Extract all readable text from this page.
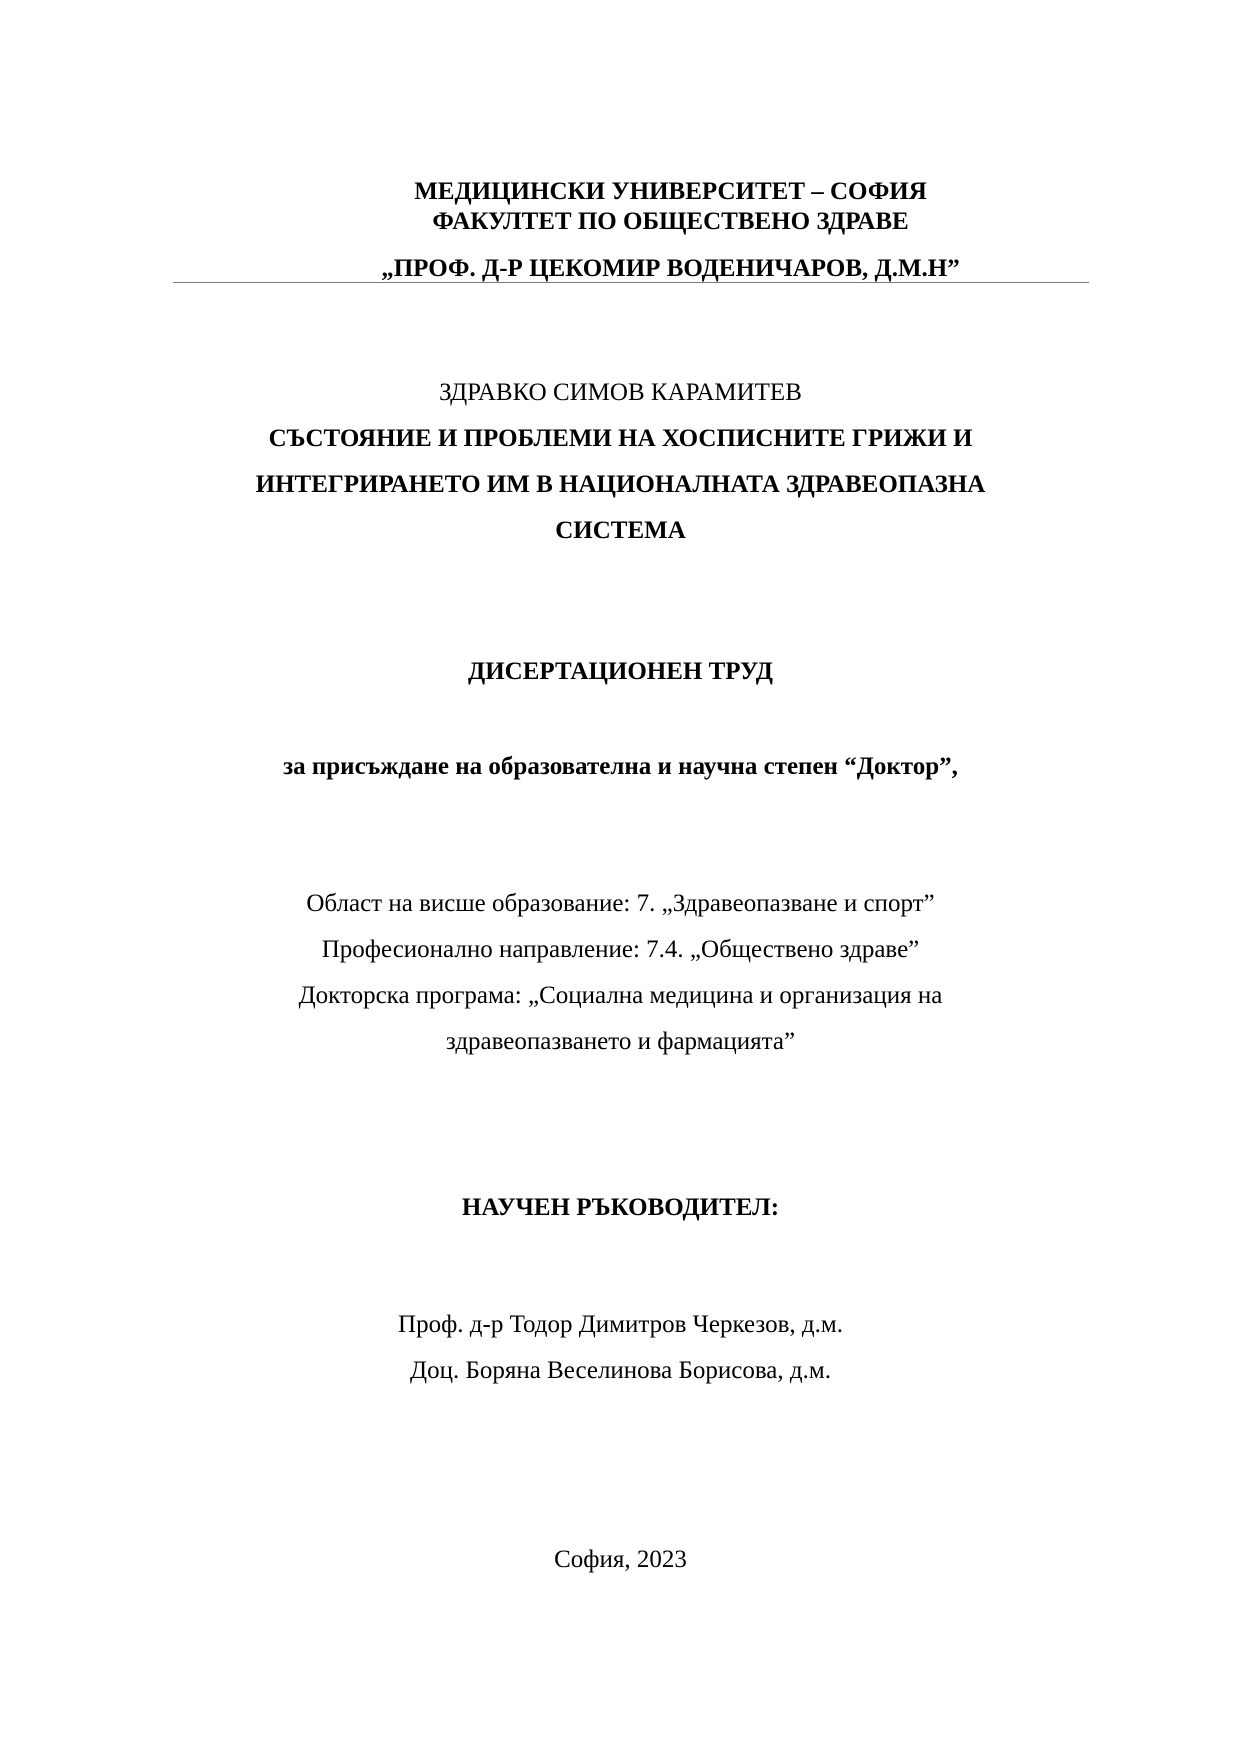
МЕДИЦИНСКИ УНИВЕРСИТЕТ – СОФИЯ
ФАКУЛТЕТ ПО ОБЩЕСТВЕНО ЗДРАВЕ
„ПРОФ. Д-Р ЦЕКОМИР ВОДЕНИЧАРОВ, Д.М.Н”
ЗДРАВКО СИМОВ КАРАМИТЕВ
СЪСТОЯНИЕ И ПРОБЛЕМИ НА ХОСПИСНИТЕ ГРИЖИ И
ИНТЕГРИРАНЕТО ИМ В НАЦИОНАЛНАТА ЗДРАВЕОПАЗНА
СИСТЕМА
ДИСЕРТАЦИОНЕН ТРУД
за присъждане на образователна и научна степен “Доктор”,
Област на висше образование: 7. „Здравеопазване и спорт”
Професионално направление: 7.4. „Обществено здраве”
Докторска програма: „Социална медицина и организация на
здравеопазването и фармацията”
НАУЧЕН РЪКОВОДИТЕЛ:
Проф. д-р Тодор Димитров Черкезов, д.м.
Доц. Боряна Веселинова Борисова, д.м.
София, 2023
